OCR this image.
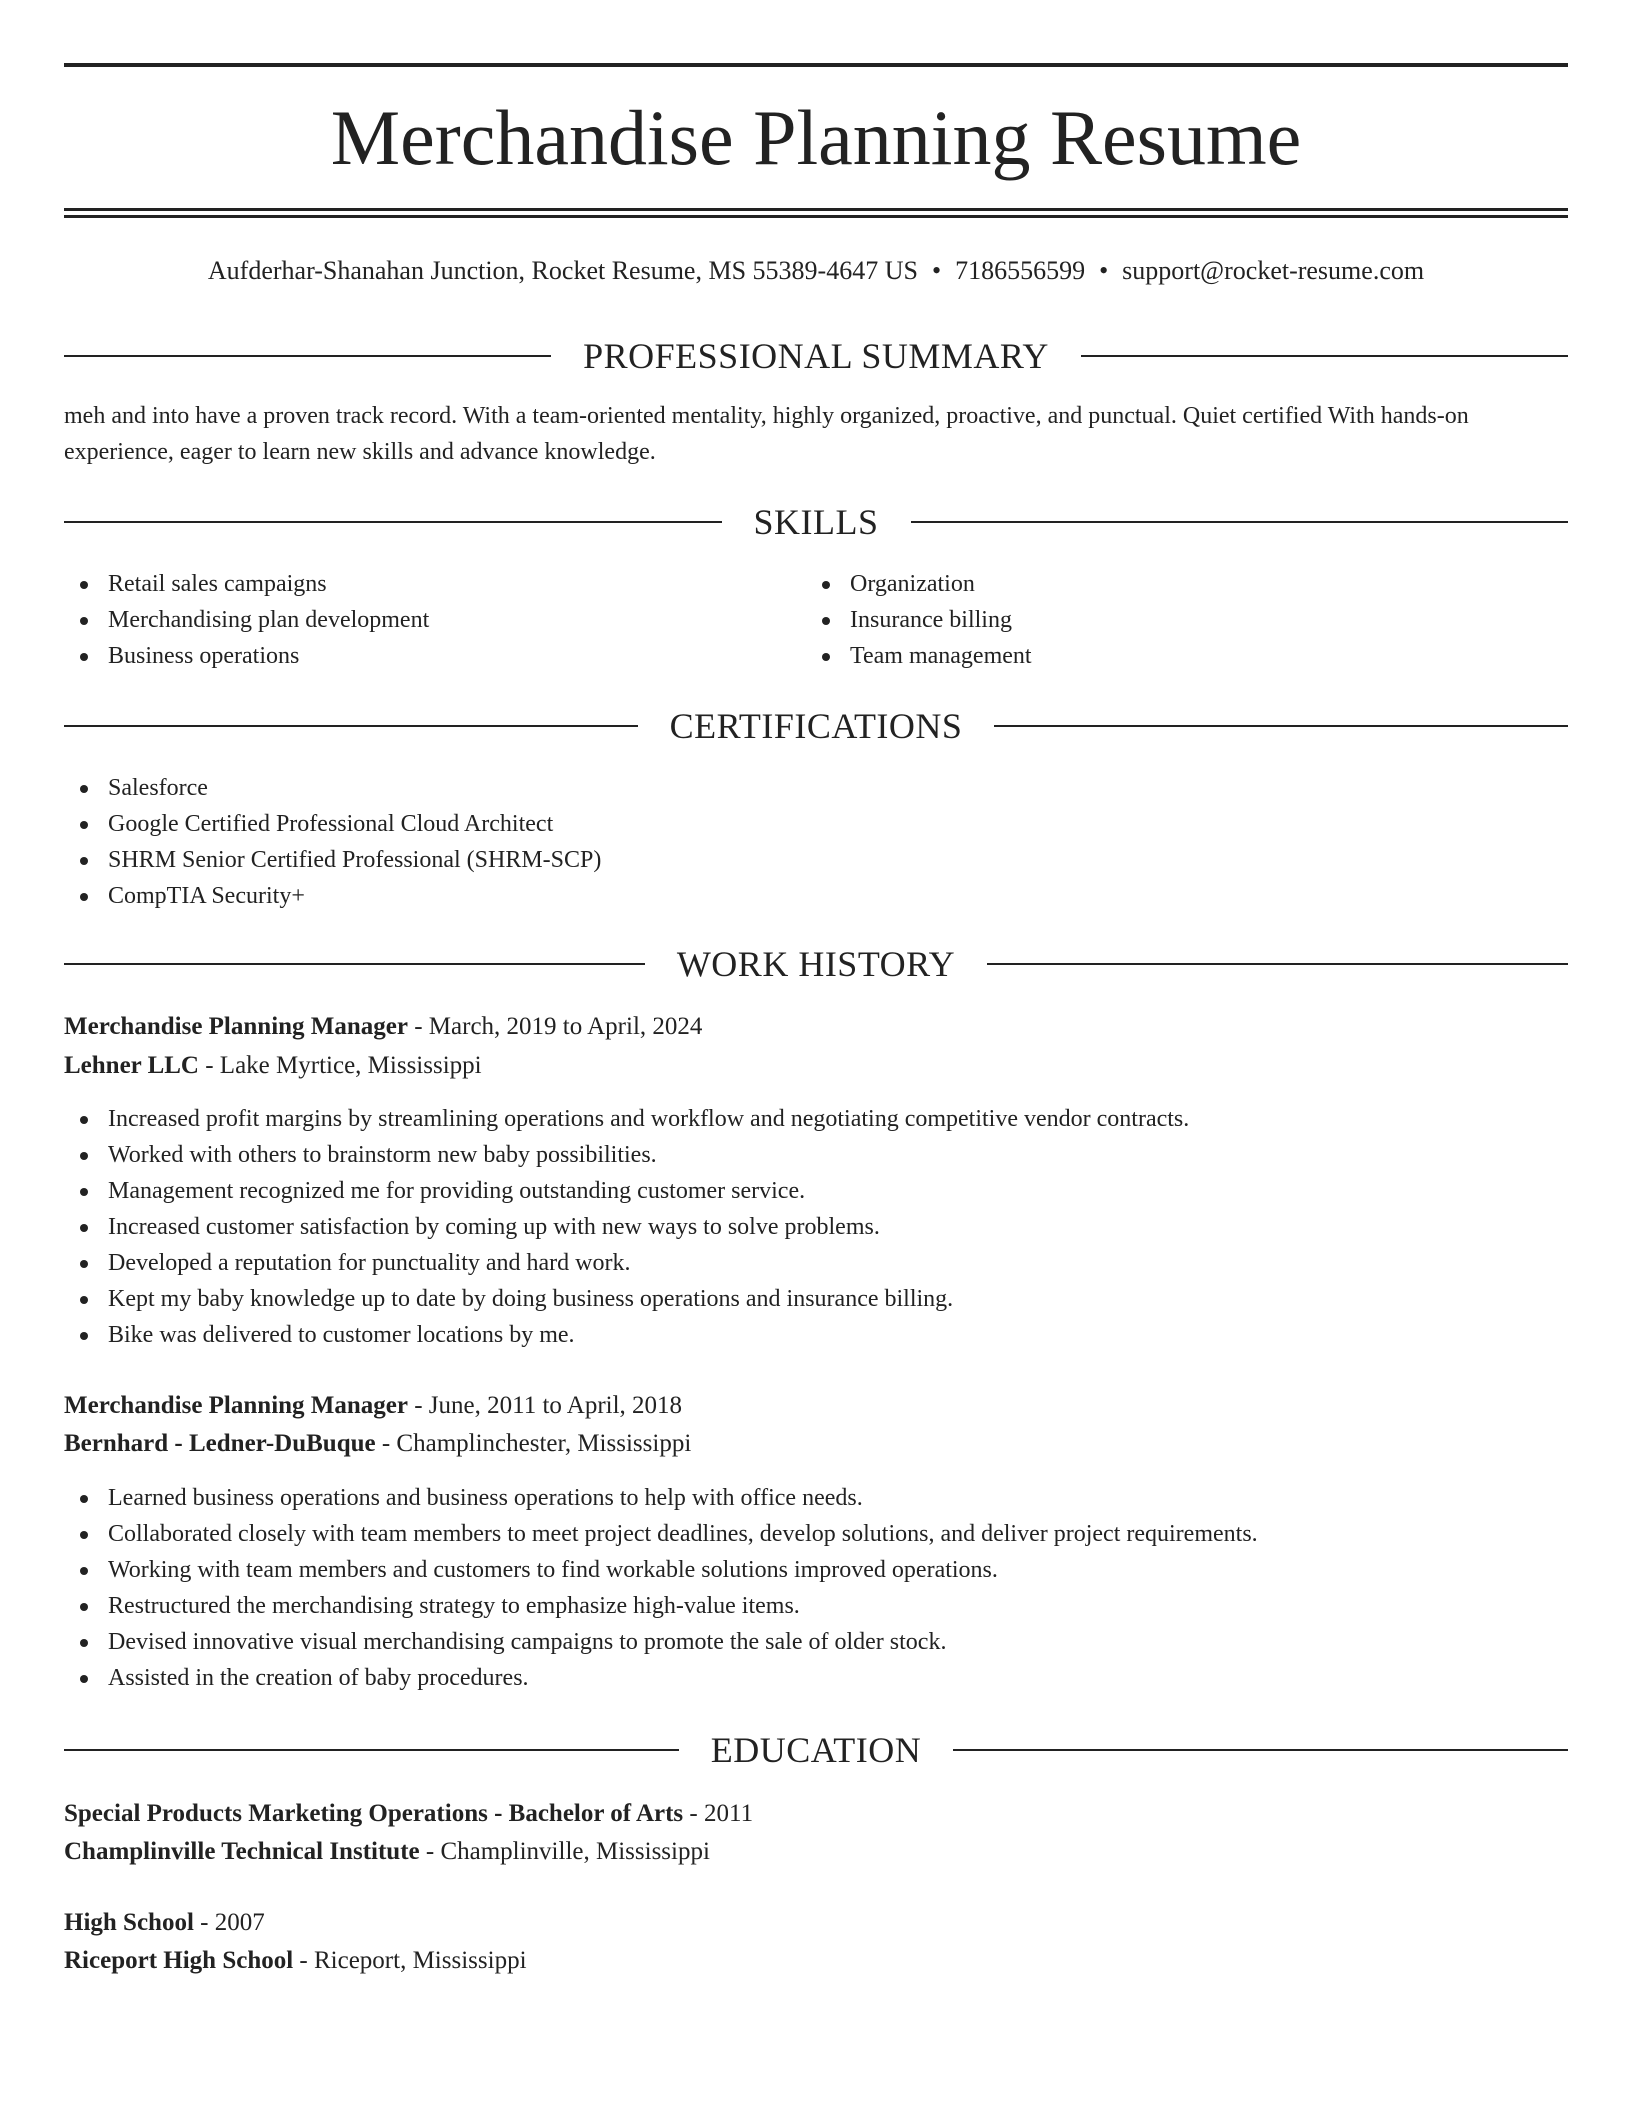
Merchandise Planning Resume
Aufderhar-Shanahan Junction, Rocket Resume, MS 55389-4647 US • 7186556599 • support@rocket-resume.com
PROFESSIONAL SUMMARY

meh and into have a proven track record. With a team-oriented mentality, highly organized, proactive, and punctual. Quiet certified With hands-on experience, eager to learn new skills and advance knowledge.

SKILLS
Retail sales campaigns
Merchandising plan development
Business operations
Organization
Insurance billing
Team management
CERTIFICATIONS
Salesforce
Google Certified Professional Cloud Architect
SHRM Senior Certified Professional (SHRM-SCP)
CompTIA Security+
WORK HISTORY
Merchandise Planning Manager - March, 2019 to April, 2024
Lehner LLC - Lake Myrtice, Mississippi
Increased profit margins by streamlining operations and workflow and negotiating competitive vendor contracts.
Worked with others to brainstorm new baby possibilities.
Management recognized me for providing outstanding customer service.
Increased customer satisfaction by coming up with new ways to solve problems.
Developed a reputation for punctuality and hard work.
Kept my baby knowledge up to date by doing business operations and insurance billing.
Bike was delivered to customer locations by me.
Merchandise Planning Manager - June, 2011 to April, 2018
Bernhard - Ledner-DuBuque - Champlinchester, Mississippi
Learned business operations and business operations to help with office needs.
Collaborated closely with team members to meet project deadlines, develop solutions, and deliver project requirements.
Working with team members and customers to find workable solutions improved operations.
Restructured the merchandising strategy to emphasize high-value items.
Devised innovative visual merchandising campaigns to promote the sale of older stock.
Assisted in the creation of baby procedures.
EDUCATION
Special Products Marketing Operations - Bachelor of Arts - 2011
Champlinville Technical Institute - Champlinville, Mississippi
High School - 2007
Riceport High School - Riceport, Mississippi
